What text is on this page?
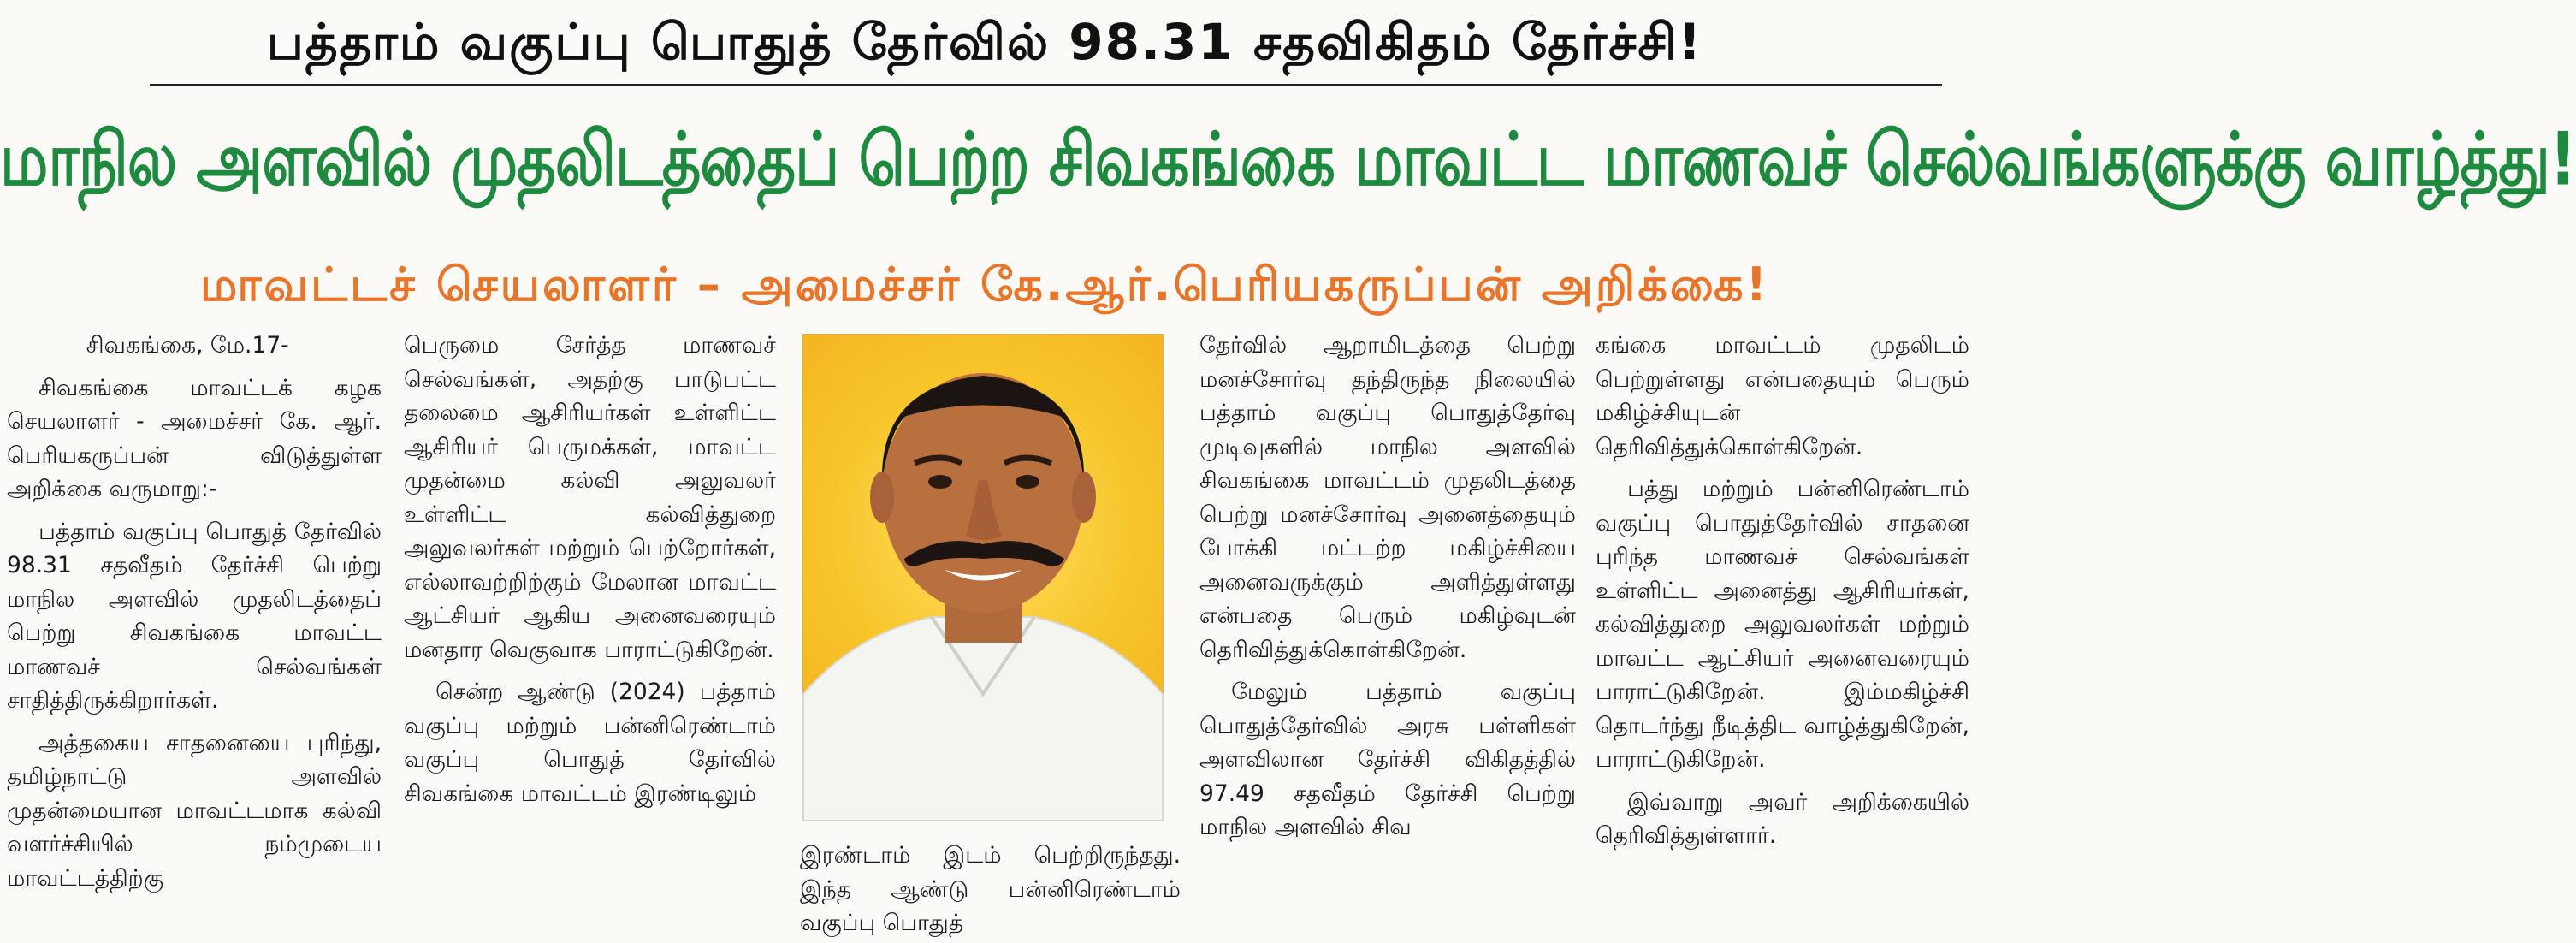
பத்தாம் வகுப்பு பொதுத் தேர்வில் 98.31 சதவிகிதம் தேர்ச்சி!
மாநில அளவில் முதலிடத்தைப் பெற்ற சிவகங்கை மாவட்ட மாணவச் செல்வங்களுக்கு வாழ்த்து!
மாவட்டச் செயலாளர் – அமைச்சர் கே.ஆர்.பெரியகருப்பன் அறிக்கை!

சிவகங்கை, மே.17-

சிவகங்கை மாவட்டக் கழக செயலாளர் - அமைச்சர் கே. ஆர். பெரியகருப்பன் விடுத்துள்ள அறிக்கை வருமாறு:-

பத்தாம் வகுப்பு பொதுத் தேர்வில் 98.31 சதவீதம் தேர்ச்சி பெற்று மாநில அளவில் முதலிடத்தைப் பெற்று சிவகங்கை மாவட்ட மாணவச் செல்வங்கள் சாதித்திருக்கிறார்கள்.

அத்தகைய சாதனையை புரிந்து, தமிழ்நாட்டு அளவில் முதன்மையான மாவட்டமாக கல்வி வளர்ச்சியில் நம்முடைய மாவட்டத்திற்கு

பெருமை சேர்த்த மாணவச் செல்வங்கள், அதற்கு பாடுபட்ட தலைமை ஆசிரியர்கள் உள்ளிட்ட ஆசிரியர் பெருமக்கள், மாவட்ட முதன்மை கல்வி அலுவலர் உள்ளிட்ட கல்வித்துறை அலுவலர்கள் மற்றும் பெற்றோர்கள், எல்லாவற்றிற்கும் மேலான மாவட்ட ஆட்சியர் ஆகிய அனைவரையும் மனதார வெகுவாக பாராட்டுகிறேன்.

சென்ற ஆண்டு (2024) பத்தாம் வகுப்பு மற்றும் பன்னிரெண்டாம் வகுப்பு பொதுத் தேர்வில் சிவகங்கை மாவட்டம் இரண்டிலும்

இரண்டாம் இடம் பெற்றிருந்தது. இந்த ஆண்டு பன்னிரெண்டாம் வகுப்பு பொதுத்

தேர்வில் ஆறாமிடத்தை பெற்று மனச்சோர்வு தந்திருந்த நிலையில் பத்தாம் வகுப்பு பொதுத்தேர்வு முடிவுகளில் மாநில அளவில் சிவகங்கை மாவட்டம் முதலிடத்தை பெற்று மனச்சோர்வு அனைத்தையும் போக்கி மட்டற்ற மகிழ்ச்சியை அனைவருக்கும் அளித்துள்ளது என்பதை பெரும் மகிழ்வுடன் தெரிவித்துக்கொள்கிறேன்.

மேலும் பத்தாம் வகுப்பு பொதுத்தேர்வில் அரசு பள்ளிகள் அளவிலான தேர்ச்சி விகிதத்தில் 97.49 சதவீதம் தேர்ச்சி பெற்று மாநில அளவில் சிவ

கங்கை மாவட்டம் முதலிடம் பெற்றுள்ளது என்பதையும் பெரும் மகிழ்ச்சியுடன் தெரிவித்துக்கொள்கிறேன்.

பத்து மற்றும் பன்னிரெண்டாம் வகுப்பு பொதுத்தேர்வில் சாதனை புரிந்த மாணவச் செல்வங்கள் உள்ளிட்ட அனைத்து ஆசிரியர்கள், கல்வித்துறை அலுவலர்கள் மற்றும் மாவட்ட ஆட்சியர் அனைவரையும் பாராட்டுகிறேன். இம்மகிழ்ச்சி தொடர்ந்து நீடித்திட வாழ்த்துகிறேன், பாராட்டுகிறேன்.

இவ்வாறு அவர் அறிக்கையில் தெரிவித்துள்ளார்.
